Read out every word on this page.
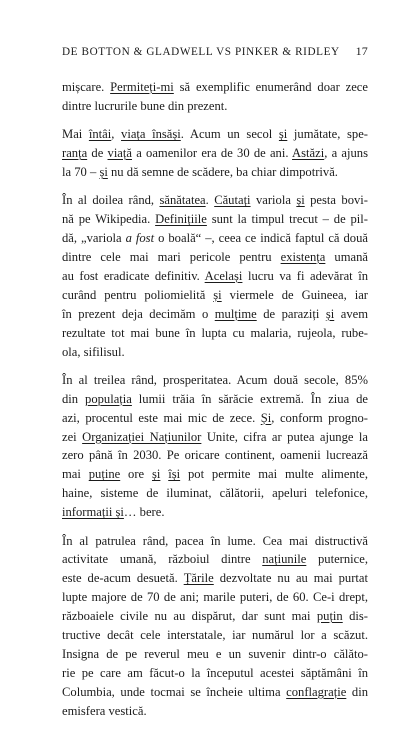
DE BOTTON & GLADWELL VS PINKER & RIDLEY 17

mișcare. Permiteți-mi să exemplific enumerând doar zece
dintre lucrurile bune din prezent.

Mai întâi, viața însăși. Acum un secol și jumătate, spe-
ranța de viață a oamenilor era de 30 de ani. Astăzi, a ajuns
la 70 – și nu dă semne de scădere, ba chiar dimpotrivă.

În al doilea rând, sănătatea. Căutați variola și pesta bovi-
nă pe Wikipedia. Definițiile sunt la timpul trecut – de pil-
dă, „variola a fost o boală“ –, ceea ce indică faptul că două
dintre cele mai mari pericole pentru existența umană
au fost eradicate definitiv. Același lucru va fi adevărat în
curând pentru poliomielită și viermele de Guineea, iar
în prezent deja decimăm o mulțime de paraziți și avem
rezultate tot mai bune în lupta cu malaria, rujeola, rube-
ola, sifilisul.

În al treilea rând, prosperitatea. Acum două secole, 85%
din populația lumii trăia în sărăcie extremă. În ziua de
azi, procentul este mai mic de zece. Și, conform progno-
zei Organizației Națiunilor Unite, cifra ar putea ajunge la
zero până în 2030. Pe oricare continent, oamenii lucrează
mai puține ore și își pot permite mai multe alimente,
haine, sisteme de iluminat, călătorii, apeluri telefonice,
informații și… bere.

În al patrulea rând, pacea în lume. Cea mai distructivă
activitate umană, războiul dintre națiunile puternice,
este de-acum desuetă. Țările dezvoltate nu au mai purtat
lupte majore de 70 de ani; marile puteri, de 60. Ce-i drept,
războaiele civile nu au dispărut, dar sunt mai puțin dis-
tructive decât cele interstatale, iar numărul lor a scăzut.
Insigna de pe reverul meu e un suvenir dintr-o călăto-
rie pe care am făcut-o la începutul acestei săptămâni în
Columbia, unde tocmai se încheie ultima conflagrație din
emisfera vestică.
